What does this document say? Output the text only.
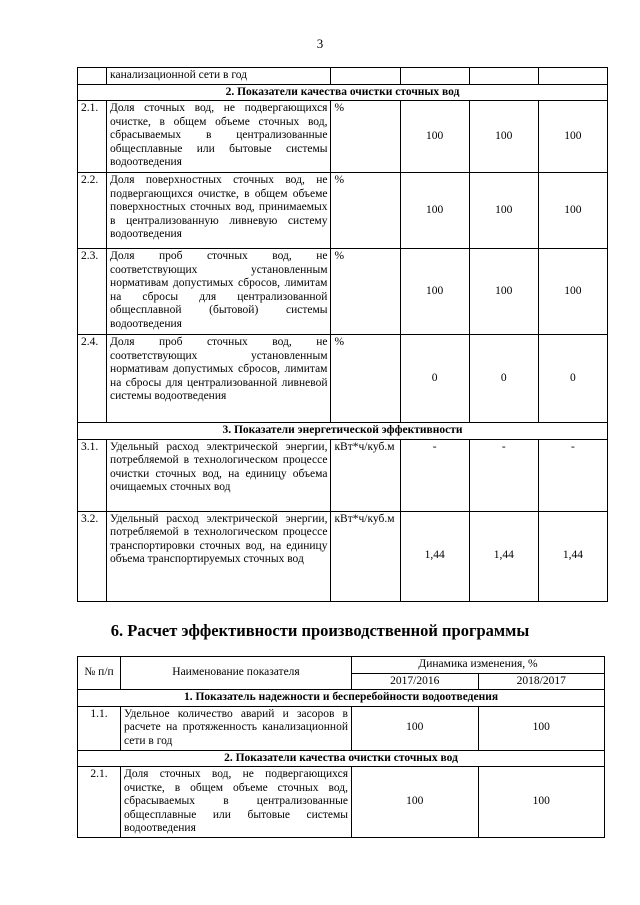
3
	канализационной сети в год				
2. Показатели качества очистки сточных вод					
2.1.	Доля сточных вод, не подвергающихся очистке, в общем объеме сточных вод, сбрасываемых в централизованные общесплавные или бытовые системы водоотведения	%	100	100	100
2.2.	Доля поверхностных сточных вод, не подвергающихся очистке, в общем объеме поверхностных сточных вод, принимаемых в централизованную ливневую систему водоотведения	%	100	100	100
2.3.	Доля проб сточных вод, не соответствующих установленным нормативам допустимых сбросов, лимитам на сбросы для централизованной общесплавной (бытовой) системы водоотведения	%	100	100	100
2.4.	Доля проб сточных вод, не соответствующих установленным нормативам допустимых сбросов, лимитам на сбросы для централизованной ливневой системы водоотведения	%	0	0	0
3. Показатели энергетической эффективности					
3.1.	Удельный расход электрической энергии, потребляемой в технологическом процессе очистки сточных вод, на единицу объема очищаемых сточных вод	кВт*ч/куб.м	-	-	-
3.2.	Удельный расход электрической энергии, потребляемой в технологическом процессе транспортировки сточных вод, на единицу объема транспортируемых сточных вод	кВт*ч/куб.м	1,44	1,44	1,44
6. Расчет эффективности производственной программы
№ п/п	Наименование показателя	Динамика изменения, %	
		2017/2016	2018/2017
1. Показатель надежности и бесперебойности водоотведения			
1.1.	Удельное количество аварий и засоров в расчете на протяженность канализационной сети в год	100	100
2. Показатели качества очистки сточных вод			
2.1.	Доля сточных вод, не подвергающихся очистке, в общем объеме сточных вод, сбрасываемых в централизованные общесплавные или бытовые системы водоотведения	100	100
